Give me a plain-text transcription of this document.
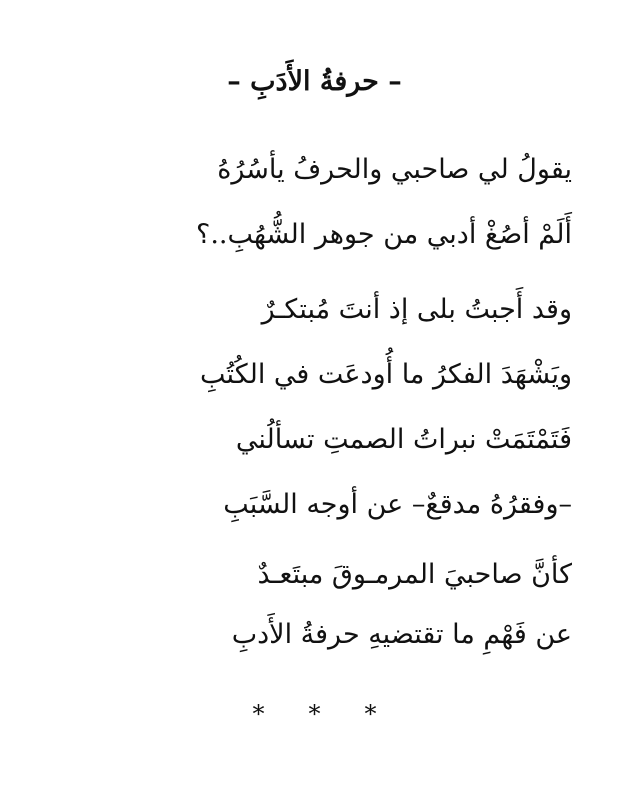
– حرفةُ الأَدَبِ –
يقولُ لي صاحبي والحرفُ يأسُرُهُ
أَلَمْ أصُغْ أدبي من جوهر الشُّهُبِ..؟
وقد أَجبتُ بلى إذ أنتَ مُبتكـرٌ
ويَشْهَدَ الفكرُ ما أُودعَت في الكُتُبِ
فَتَمْتَمَتْ نبراتُ الصمتِ تسألُني
–وفقرُهُ مدقعٌ– عن أوجه السَّبَبِ
كأنَّ صاحبيَ المرمـوقَ مبتَعـدٌ
عن فَهْمِ ما تقتضيهِ حرفةُ الأَدبِ
***
